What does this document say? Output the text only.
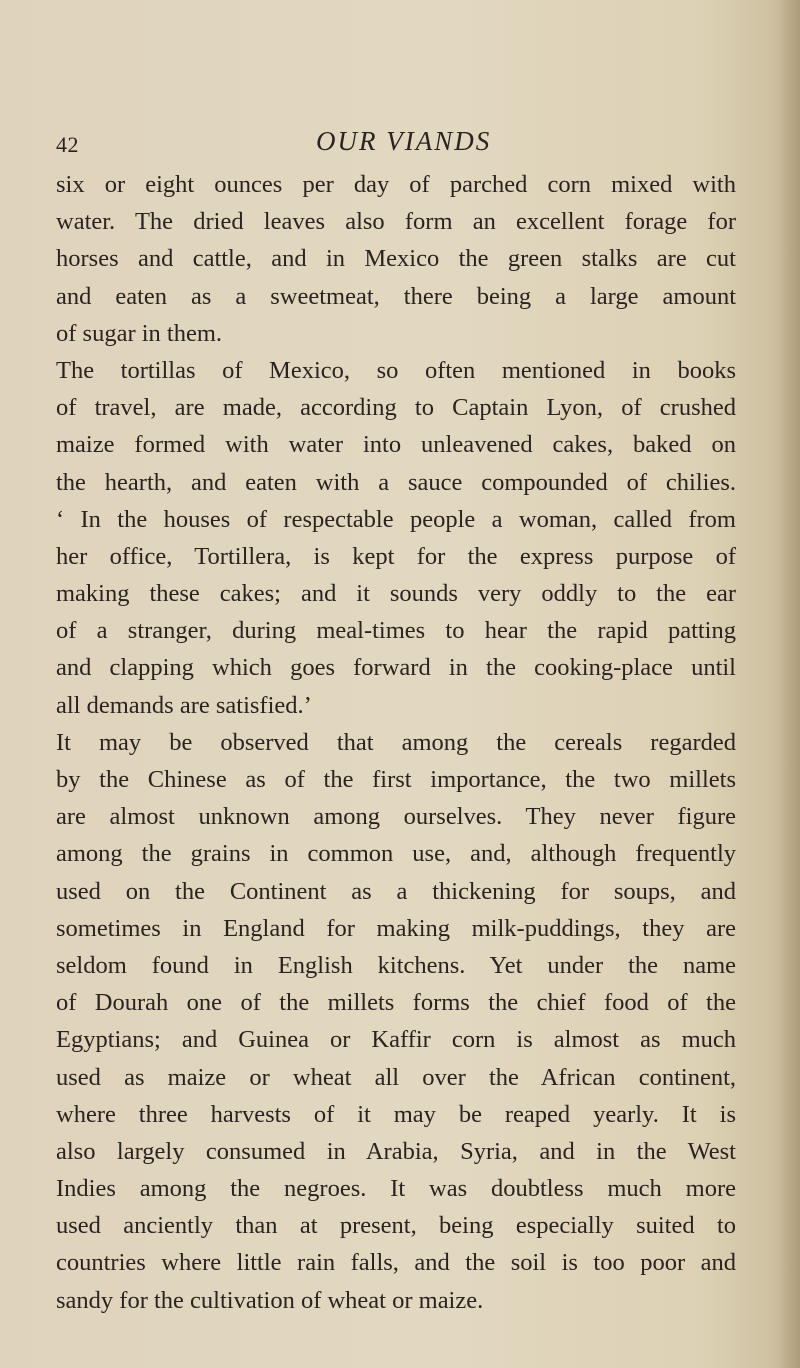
42	OUR VIANDS
six or eight ounces per day of parched corn mixed with
water. The dried leaves also form an excellent forage for
horses and cattle, and in Mexico the green stalks are cut
and eaten as a sweetmeat, there being a large amount
of sugar in them.
The tortillas of Mexico, so often mentioned in books
of travel, are made, according to Captain Lyon, of crushed
maize formed with water into unleavened cakes, baked on
the hearth, and eaten with a sauce compounded of chilies.
‘ In the houses of respectable people a woman, called from
her office, Tortillera, is kept for the express purpose of
making these cakes; and it sounds very oddly to the ear
of a stranger, during meal-times to hear the rapid patting
and clapping which goes forward in the cooking-place until
all demands are satisfied.’
It may be observed that among the cereals regarded
by the Chinese as of the first importance, the two millets
are almost unknown among ourselves. They never figure
among the grains in common use, and, although frequently
used on the Continent as a thickening for soups, and
sometimes in England for making milk-puddings, they are
seldom found in English kitchens. Yet under the name
of Dourah one of the millets forms the chief food of the
Egyptians; and Guinea or Kaffir corn is almost as much
used as maize or wheat all over the African continent,
where three harvests of it may be reaped yearly. It is
also largely consumed in Arabia, Syria, and in the West
Indies among the negroes. It was doubtless much more
used anciently than at present, being especially suited to
countries where little rain falls, and the soil is too poor and
sandy for the cultivation of wheat or maize.
